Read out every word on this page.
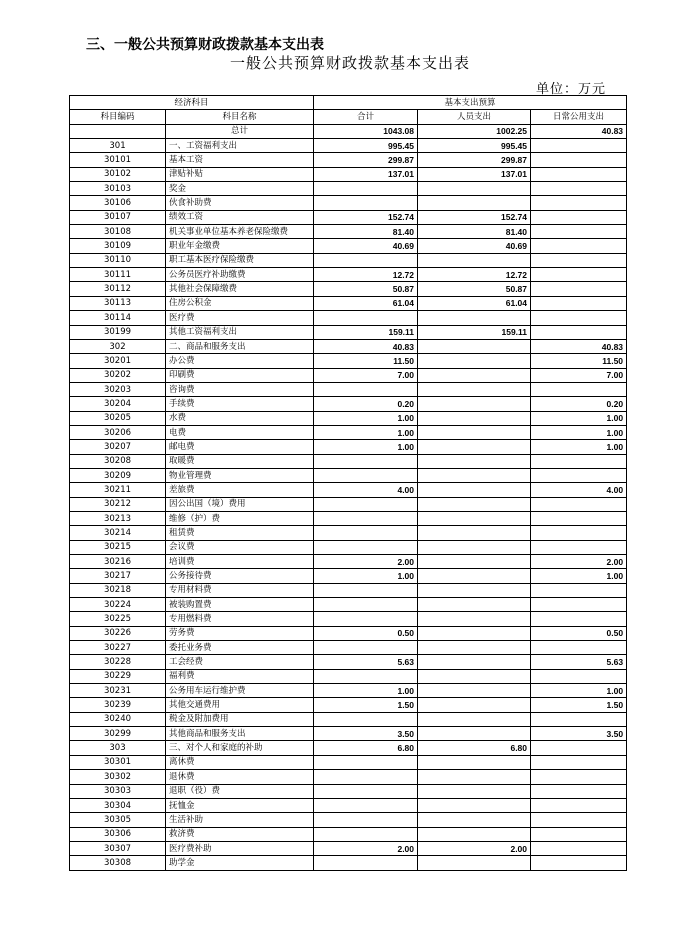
三、一般公共预算财政拨款基本支出表
一般公共预算财政拨款基本支出表
单位：万元
经济科目		基本支出预算		
科目编码	科目名称	合计	人员支出	日常公用支出
	总计	1043.08	1002.25	40.83
301	一、工资福利支出	995.45	995.45	
30101	基本工资	299.87	299.87	
30102	津贴补贴	137.01	137.01	
30103	奖金			
30106	伙食补助费			
30107	绩效工资	152.74	152.74	
30108	机关事业单位基本养老保险缴费	81.40	81.40	
30109	职业年金缴费	40.69	40.69	
30110	职工基本医疗保险缴费			
30111	公务员医疗补助缴费	12.72	12.72	
30112	其他社会保障缴费	50.87	50.87	
30113	住房公积金	61.04	61.04	
30114	医疗费			
30199	其他工资福利支出	159.11	159.11	
302	二、商品和服务支出	40.83		40.83
30201	办公费	11.50		11.50
30202	印刷费	7.00		7.00
30203	咨询费			
30204	手续费	0.20		0.20
30205	水费	1.00		1.00
30206	电费	1.00		1.00
30207	邮电费	1.00		1.00
30208	取暖费			
30209	物业管理费			
30211	差旅费	4.00		4.00
30212	因公出国（境）费用			
30213	维修（护）费			
30214	租赁费			
30215	会议费			
30216	培训费	2.00		2.00
30217	公务接待费	1.00		1.00
30218	专用材料费			
30224	被装购置费			
30225	专用燃料费			
30226	劳务费	0.50		0.50
30227	委托业务费			
30228	工会经费	5.63		5.63
30229	福利费			
30231	公务用车运行维护费	1.00		1.00
30239	其他交通费用	1.50		1.50
30240	税金及附加费用			
30299	其他商品和服务支出	3.50		3.50
303	三、对个人和家庭的补助	6.80	6.80	
30301	离休费			
30302	退休费			
30303	退职（役）费			
30304	抚恤金			
30305	生活补助			
30306	救济费			
30307	医疗费补助	2.00	2.00	
30308	助学金			
